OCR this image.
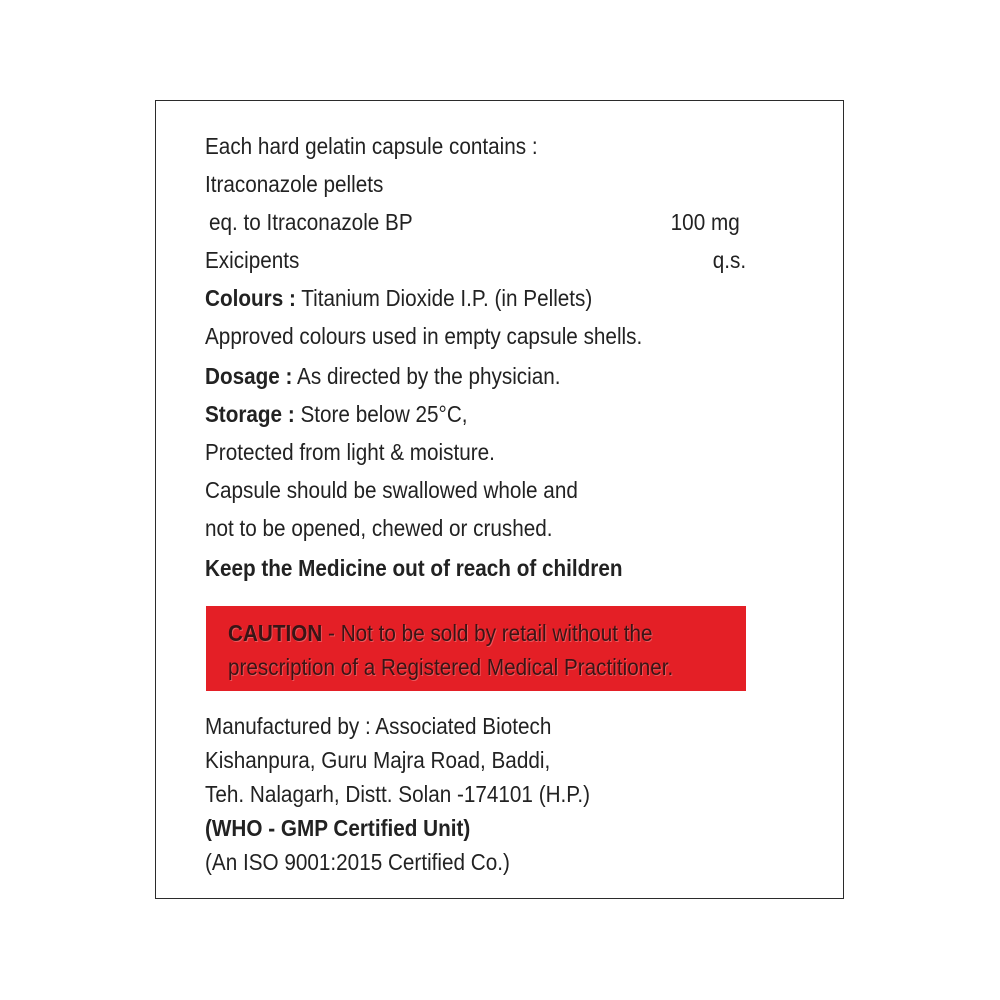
Each hard gelatin capsule contains :

Itraconazole pellets

eq. to Itraconazole BP	100 mg

Exicipents	q.s.

Colours : Titanium Dioxide I.P. (in Pellets)

Approved colours used in empty capsule shells.

Dosage : As directed by the physician.

Storage : Store below 25°C,

Protected from light & moisture.

Capsule should be swallowed whole and

not to be opened, chewed or crushed.

Keep the Medicine out of reach of children

CAUTION - Not to be sold by retail without the

prescription of a Registered Medical Practitioner.

Manufactured by : Associated Biotech

Kishanpura, Guru Majra Road, Baddi,

Teh. Nalagarh, Distt. Solan -174101 (H.P.)

(WHO - GMP Certified Unit)

(An ISO 9001:2015 Certified Co.)
